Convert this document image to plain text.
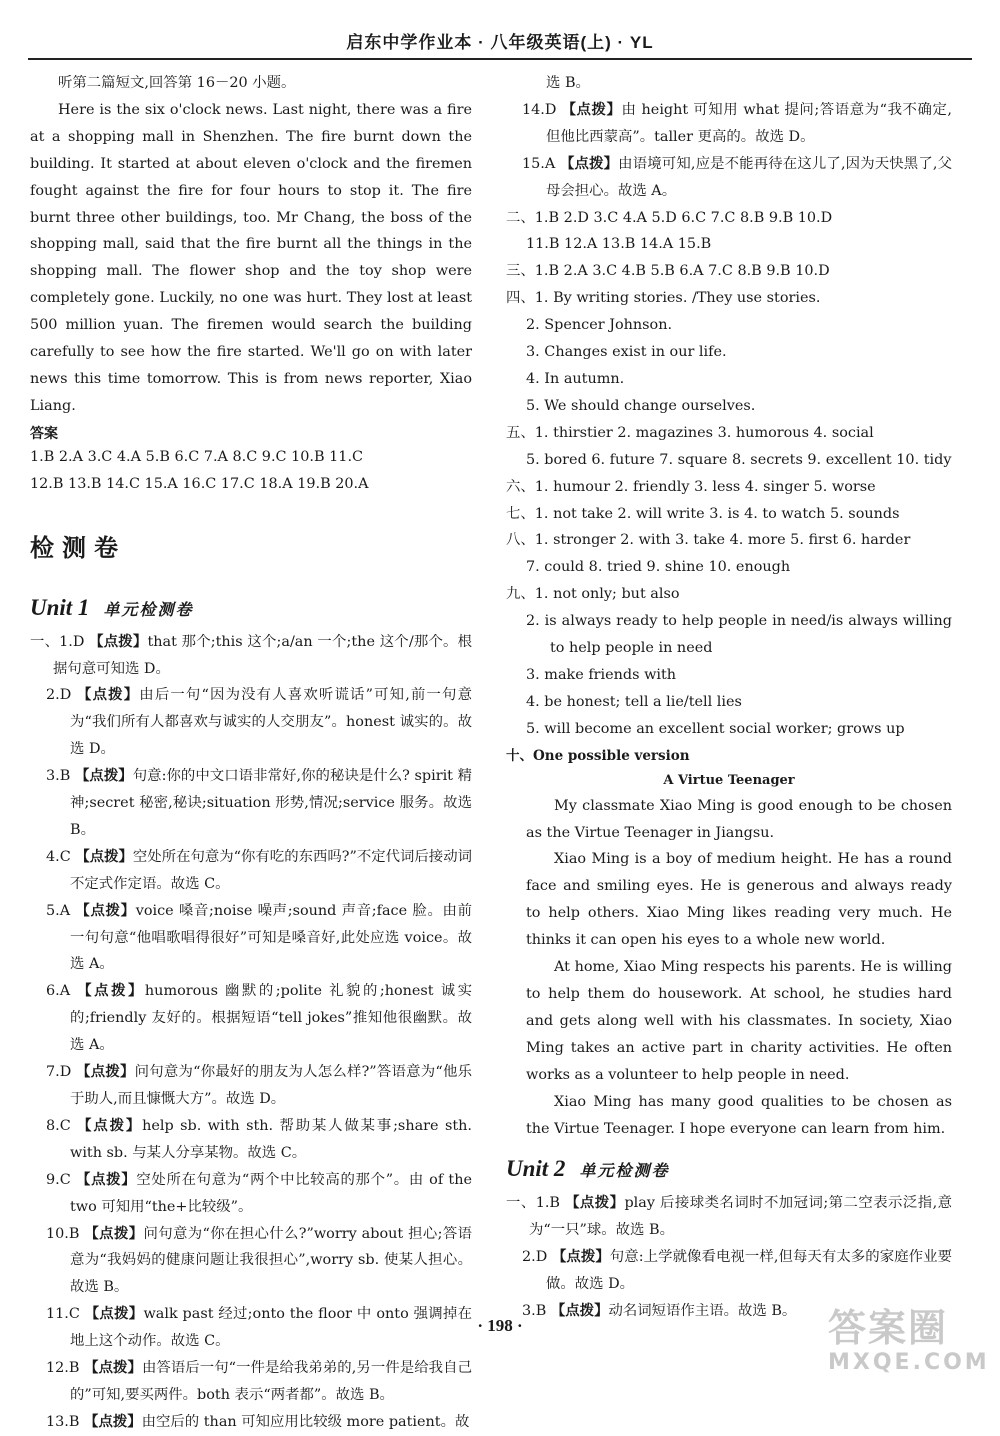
启东中学作业本 · 八年级英语(上) · YL

听第二篇短文,回答第 16－20 小题。

Here is the six o'clock news. Last night, there was a fire at a shopping mall in Shenzhen. The fire burnt down the building. It started at about eleven o'clock and the firemen fought against the fire for four hours to stop it. The fire burnt three other buildings, too. Mr Chang, the boss of the shopping mall, said that the fire burnt all the things in the shopping mall. The flower shop and the toy shop were completely gone. Luckily, no one was hurt. They lost at least 500 million yuan. The firemen would search the building carefully to see how the fire started. We'll go on with later news this time tomorrow. This is from news reporter, Xiao Liang.

答案

1.B 2.A 3.C 4.A 5.B 6.C 7.A 8.C 9.C 10.B 11.C

12.B 13.B 14.C 15.A 16.C 17.C 18.A 19.B 20.A

检测卷
Unit 1 单元检测卷

一、1.D 【点拨】that 那个;this 这个;a/an 一个;the 这个/那个。根据句意可知选 D。

2.D 【点拨】由后一句“因为没有人喜欢听谎话”可知,前一句意为“我们所有人都喜欢与诚实的人交朋友”。honest 诚实的。故选 D。

3.B 【点拨】句意:你的中文口语非常好,你的秘诀是什么? spirit 精神;secret 秘密,秘诀;situation 形势,情况;service 服务。故选 B。

4.C 【点拨】空处所在句意为“你有吃的东西吗?”不定代词后接动词不定式作定语。故选 C。

5.A 【点拨】voice 嗓音;noise 噪声;sound 声音;face 脸。由前一句句意“他唱歌唱得很好”可知是嗓音好,此处应选 voice。故选 A。

6.A 【点拨】humorous 幽默的;polite 礼貌的;honest 诚实的;friendly 友好的。根据短语“tell jokes”推知他很幽默。故选 A。

7.D 【点拨】问句意为“你最好的朋友为人怎么样?”答语意为“他乐于助人,而且慷慨大方”。故选 D。

8.C 【点拨】help sb. with sth. 帮助某人做某事;share sth. with sb. 与某人分享某物。故选 C。

9.C 【点拨】空处所在句意为“两个中比较高的那个”。由 of the two 可知用“the+比较级”。

10.B 【点拨】问句意为“你在担心什么?”worry about 担心;答语意为“我妈妈的健康问题让我很担心”,worry sb. 使某人担心。故选 B。

11.C 【点拨】walk past 经过;onto the floor 中 onto 强调掉在地上这个动作。故选 C。

12.B 【点拨】由答语后一句“一件是给我弟弟的,另一件是给我自己的”可知,要买两件。both 表示“两者都”。故选 B。

13.B 【点拨】由空后的 than 可知应用比较级 more patient。故

选 B。

14.D 【点拨】由 height 可知用 what 提问;答语意为“我不确定,但他比西蒙高”。taller 更高的。故选 D。

15.A 【点拨】由语境可知,应是不能再待在这儿了,因为天快黑了,父母会担心。故选 A。

二、1.B 2.D 3.C 4.A 5.D 6.C 7.C 8.B 9.B 10.D

11.B 12.A 13.B 14.A 15.B

三、1.B 2.A 3.C 4.B 5.B 6.A 7.C 8.B 9.B 10.D

四、1. By writing stories. /They use stories.

2. Spencer Johnson.

3. Changes exist in our life.

4. In autumn.

5. We should change ourselves.

五、1. thirstier 2. magazines 3. humorous 4. social

5. bored 6. future 7. square 8. secrets 9. excellent 10. tidy

六、1. humour 2. friendly 3. less 4. singer 5. worse

七、1. not take 2. will write 3. is 4. to watch 5. sounds

八、1. stronger 2. with 3. take 4. more 5. first 6. harder

7. could 8. tried 9. shine 10. enough

九、1. not only; but also

2. is always ready to help people in need/is always willing to help people in need

3. make friends with

4. be honest; tell a lie/tell lies

5. will become an excellent social worker; grows up

十、One possible version
A Virtue Teenager

My classmate Xiao Ming is good enough to be chosen as the Virtue Teenager in Jiangsu.

Xiao Ming is a boy of medium height. He has a round face and smiling eyes. He is generous and always ready to help others. Xiao Ming likes reading very much. He thinks it can open his eyes to a whole new world.

At home, Xiao Ming respects his parents. He is willing to help them do housework. At school, he studies hard and gets along well with his classmates. In society, Xiao Ming takes an active part in charity activities. He often works as a volunteer to help people in need.

Xiao Ming has many good qualities to be chosen as the Virtue Teenager. I hope everyone can learn from him.

Unit 2 单元检测卷

一、1.B 【点拨】play 后接球类名词时不加冠词;第二空表示泛指,意为“一只”球。故选 B。

2.D 【点拨】句意:上学就像看电视一样,但每天有太多的家庭作业要做。故选 D。

3.B 【点拨】动名词短语作主语。故选 B。

· 198 ·	答案圈
MXQE.COM
